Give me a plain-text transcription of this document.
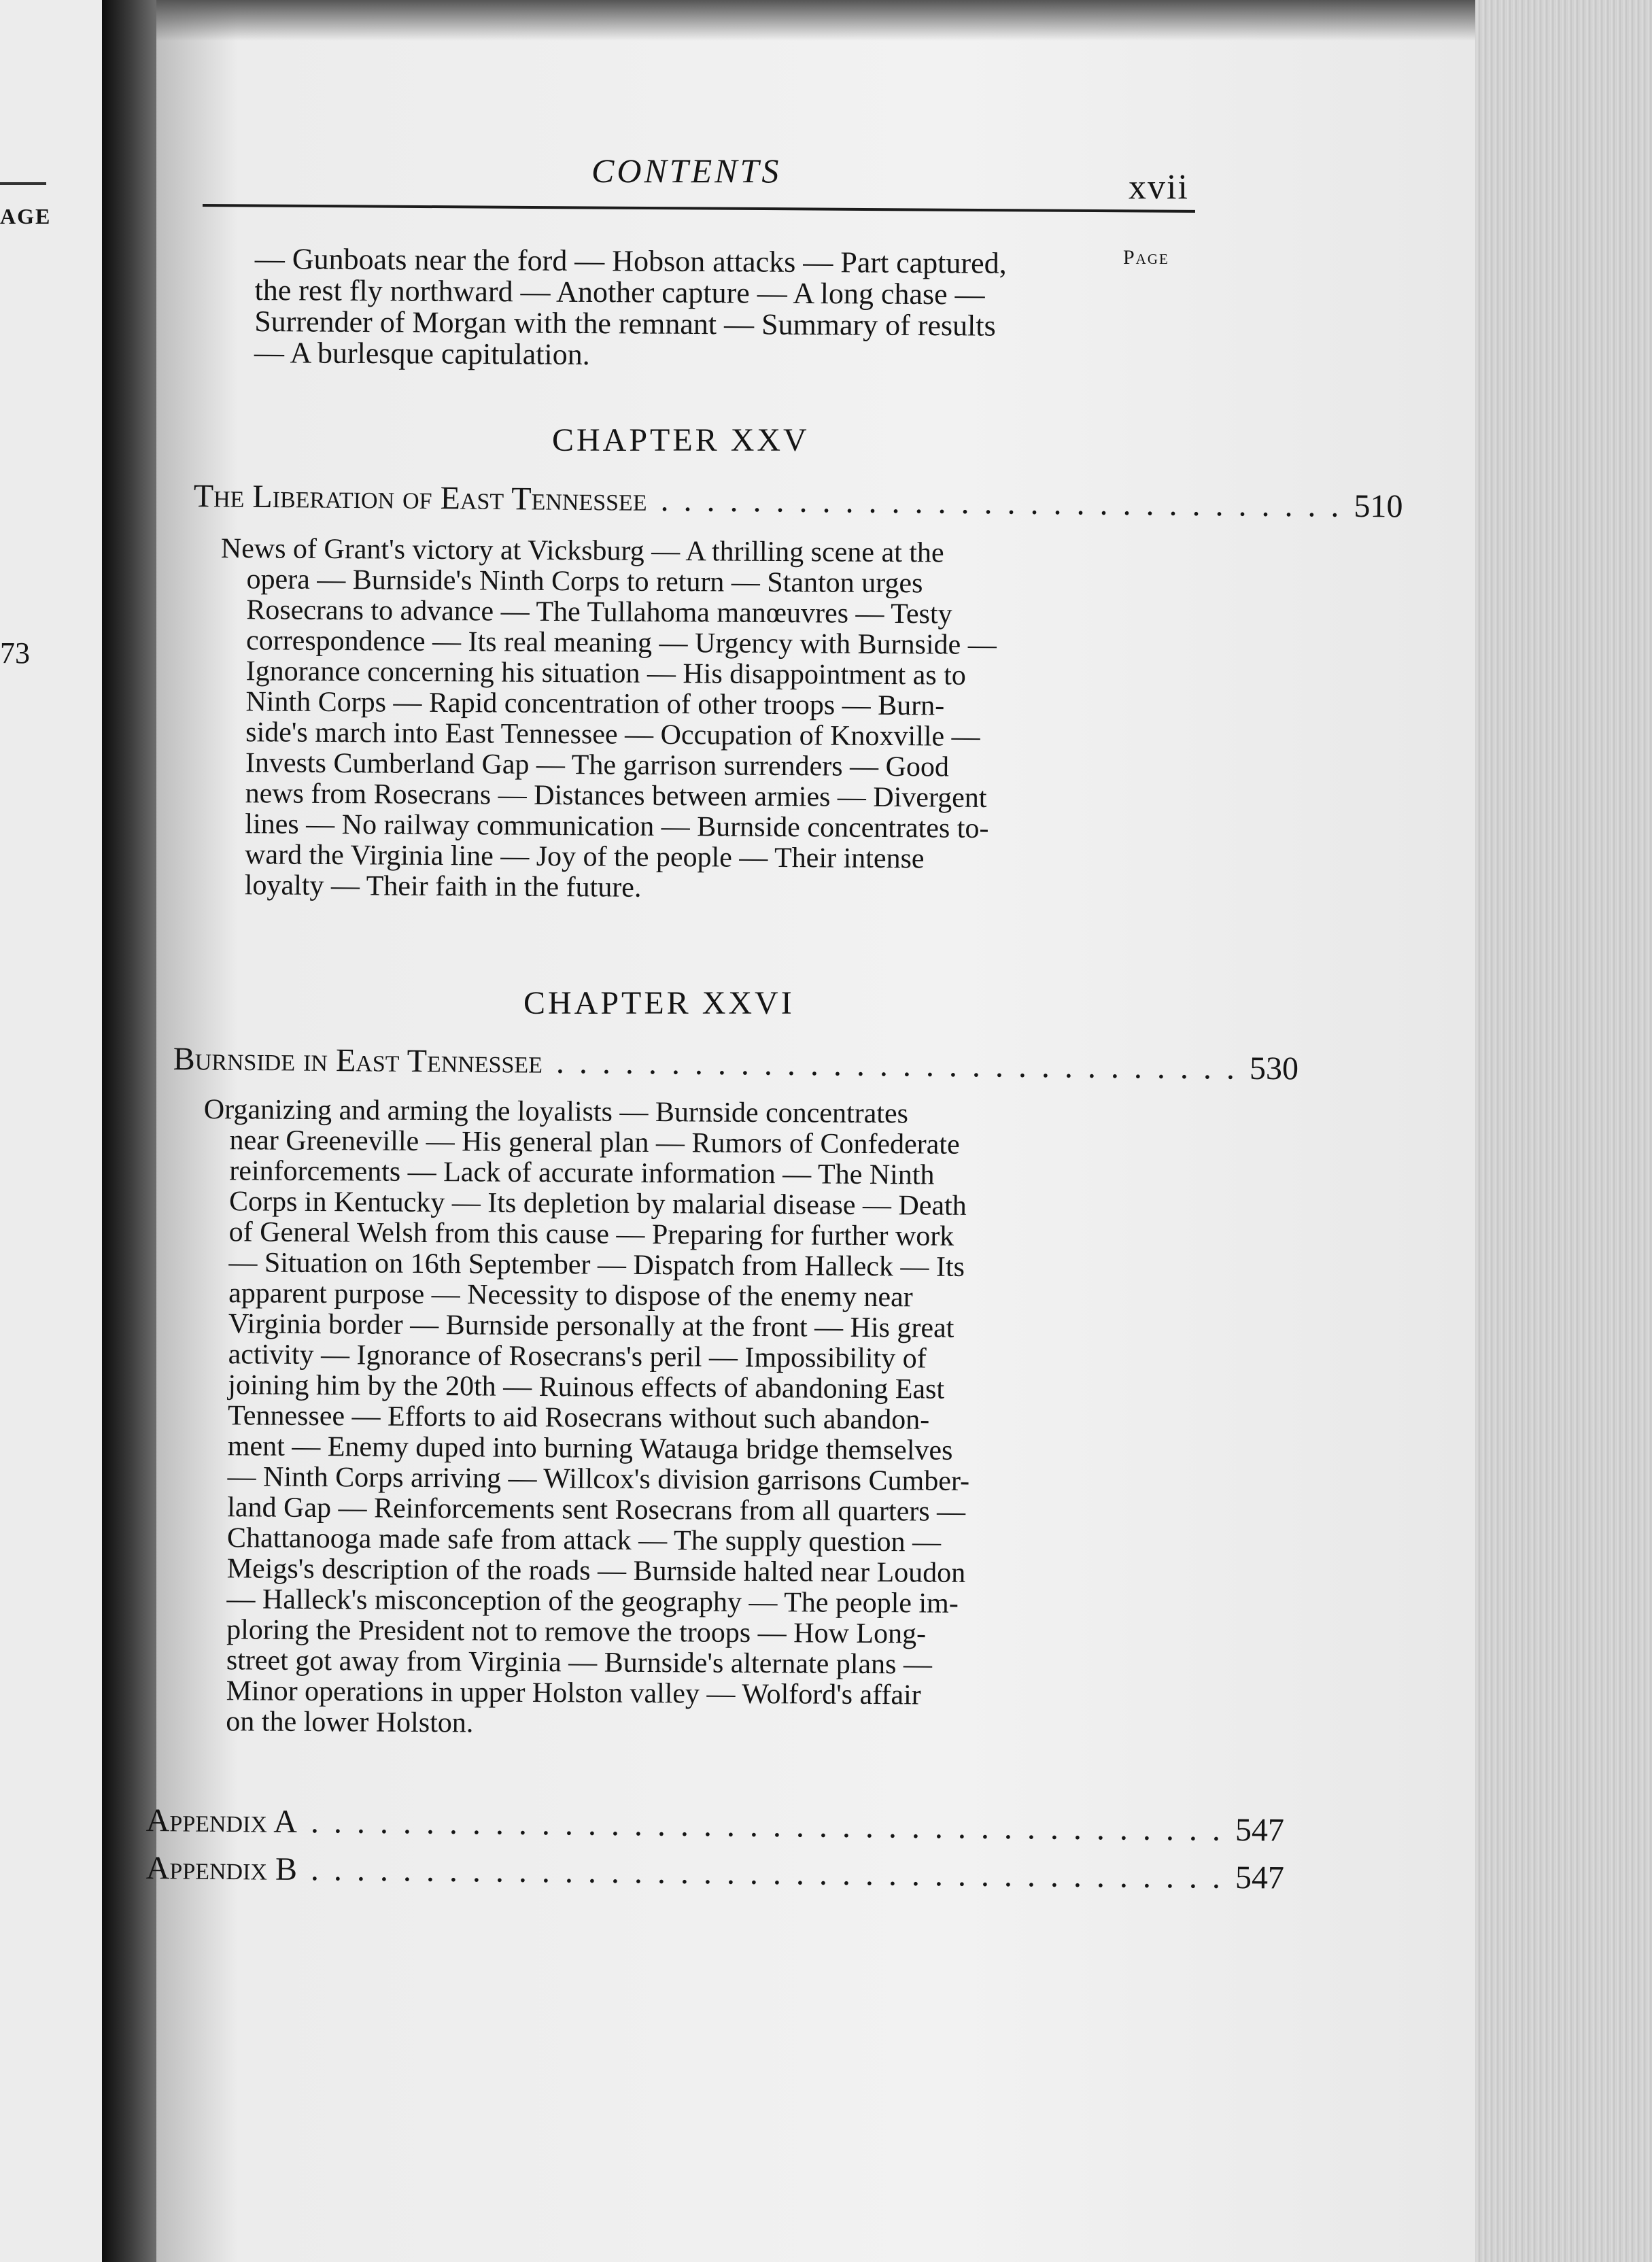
AGE
73
CONTENTS	xvii
Page
— Gunboats near the ford — Hobson attacks — Part captured,
the rest fly northward — Another capture — A long chase —
Surrender of Morgan with the remnant — Summary of results
— A burlesque capitulation.
CHAPTER XXV
The Liberation of East Tennessee .............................. 510
News of Grant's victory at Vicksburg — A thrilling scene at the
opera — Burnside's Ninth Corps to return — Stanton urges
Rosecrans to advance — The Tullahoma manœuvres — Testy
correspondence — Its real meaning — Urgency with Burnside —
Ignorance concerning his situation — His disappointment as to
Ninth Corps — Rapid concentration of other troops — Burn-
side's march into East Tennessee — Occupation of Knoxville —
Invests Cumberland Gap — The garrison surrenders — Good
news from Rosecrans — Distances between armies — Divergent
lines — No railway communication — Burnside concentrates to-
ward the Virginia line — Joy of the people — Their intense
loyalty — Their faith in the future.
CHAPTER XXVI
Burnside in East Tennessee .............................. 530
Organizing and arming the loyalists — Burnside concentrates
near Greeneville — His general plan — Rumors of Confederate
reinforcements — Lack of accurate information — The Ninth
Corps in Kentucky — Its depletion by malarial disease — Death
of General Welsh from this cause — Preparing for further work
— Situation on 16th September — Dispatch from Halleck — Its
apparent purpose — Necessity to dispose of the enemy near
Virginia border — Burnside personally at the front — His great
activity — Ignorance of Rosecrans's peril — Impossibility of
joining him by the 20th — Ruinous effects of abandoning East
Tennessee — Efforts to aid Rosecrans without such abandon-
ment — Enemy duped into burning Watauga bridge themselves
— Ninth Corps arriving — Willcox's division garrisons Cumber-
land Gap — Reinforcements sent Rosecrans from all quarters —
Chattanooga made safe from attack — The supply question —
Meigs's description of the roads — Burnside halted near Loudon
— Halleck's misconception of the geography — The people im-
ploring the President not to remove the troops — How Long-
street got away from Virginia — Burnside's alternate plans —
Minor operations in upper Holston valley — Wolford's affair
on the lower Holston.
Appendix A ........................................ 547
Appendix B ........................................ 547
